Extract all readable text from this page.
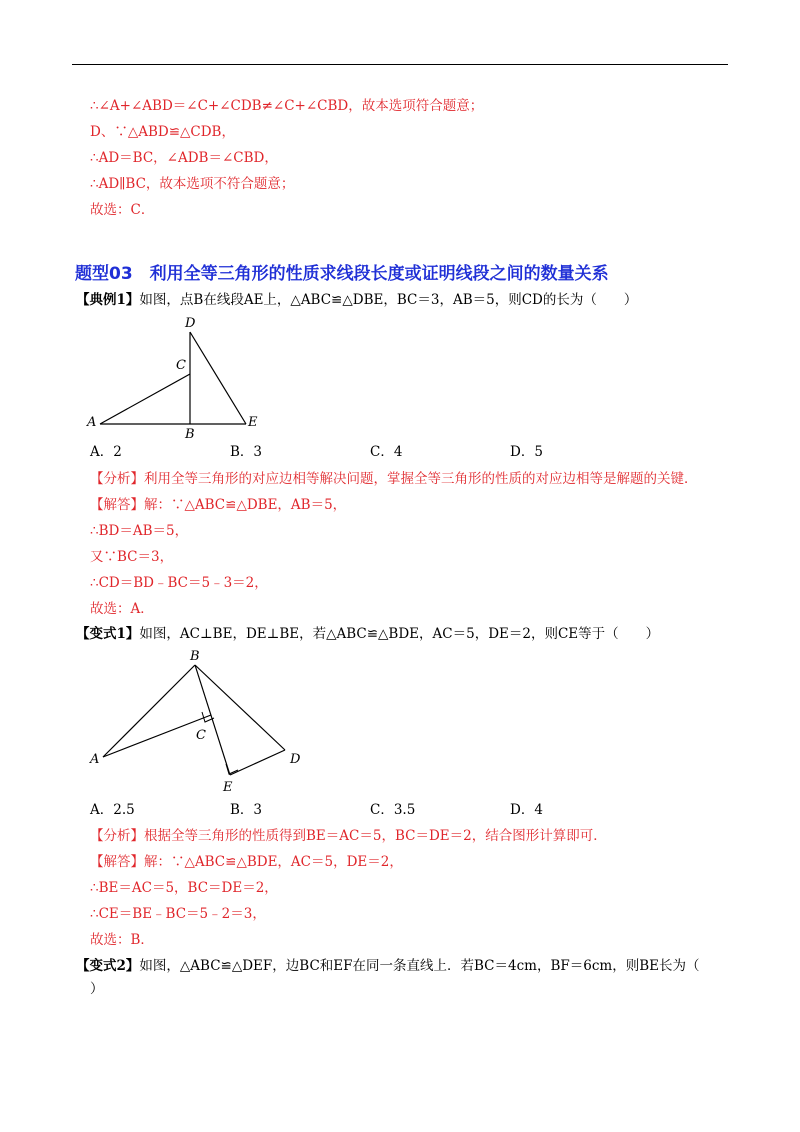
∴∠A+∠ABD＝∠C+∠CDB≠∠C+∠CBD，故本选项符合题意；
D、∵△ABD≌△CDB，
∴AD＝BC，∠ADB＝∠CBD，
∴AD∥BC，故本选项不符合题意；
故选：C．
题型03　利用全等三角形的性质求线段长度或证明线段之间的数量关系
【典例1】如图，点B在线段AE上，△ABC≌△DBE，BC＝3，AB＝5，则CD的长为（　　）
A
B
C
D
E
A．2	B．3	C．4	D．5
【分析】利用全等三角形的对应边相等解决问题，掌握全等三角形的性质的对应边相等是解题的关键．
【解答】解：∵△ABC≌△DBE，AB＝5，
∴BD＝AB＝5，
又∵BC＝3，
∴CD＝BD﹣BC＝5﹣3＝2，
故选：A．
【变式1】如图，AC⊥BE，DE⊥BE，若△ABC≌△BDE，AC＝5，DE＝2，则CE等于（　　）
B
C
A	D
E
A．2.5	B．3	C．3.5	D．4
【分析】根据全等三角形的性质得到BE＝AC＝5，BC＝DE＝2，结合图形计算即可．
【解答】解：∵△ABC≌△BDE，AC＝5，DE＝2，
∴BE＝AC＝5，BC＝DE＝2，
∴CE＝BE﹣BC＝5﹣2＝3，
故选：B．
【变式2】如图，△ABC≌△DEF，边BC和EF在同一条直线上．若BC＝4cm，BF＝6cm，则BE长为（
）
